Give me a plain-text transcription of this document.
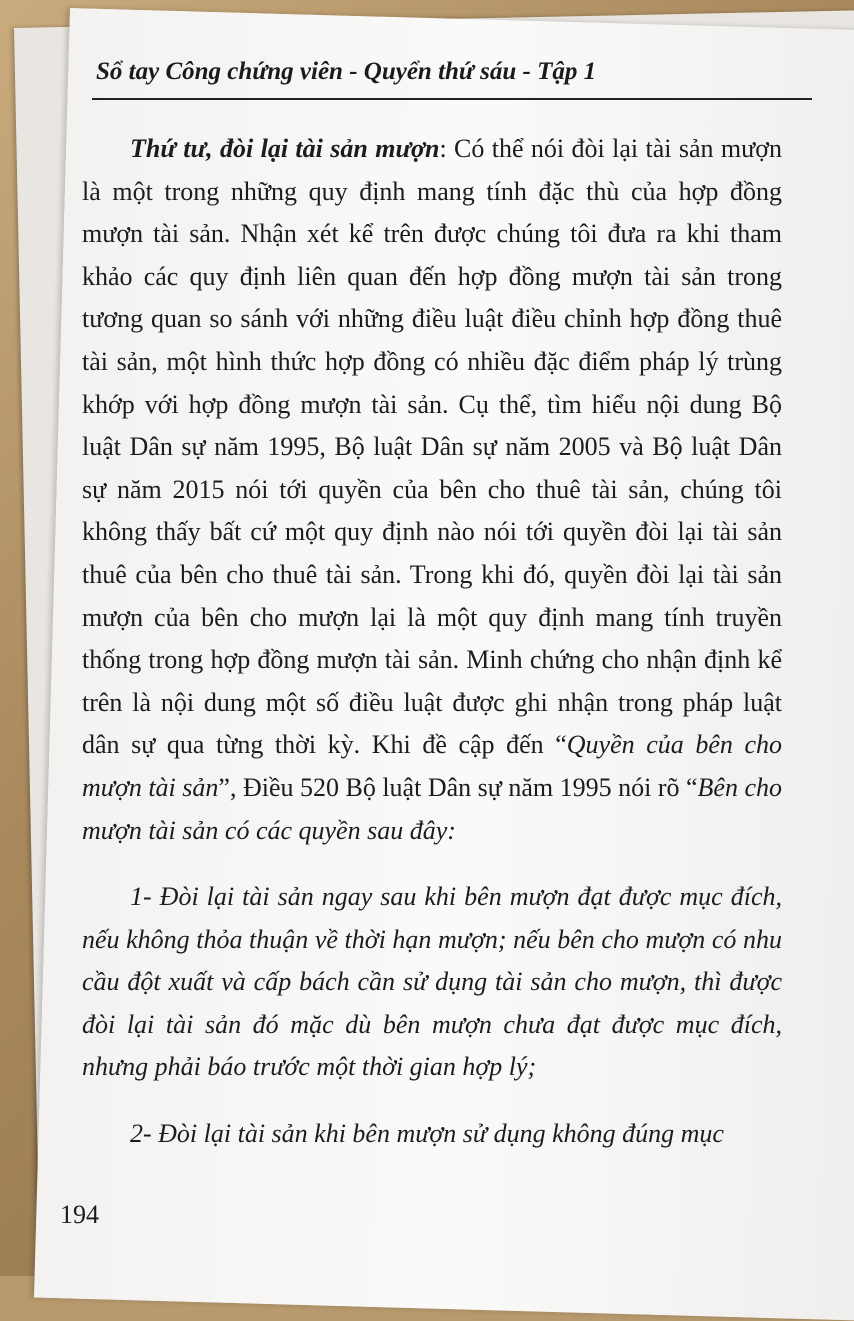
Sổ tay Công chứng viên - Quyển thứ sáu - Tập 1

Thứ tư, đòi lại tài sản mượn: Có thể nói đòi lại tài sản mượn là một trong những quy định mang tính đặc thù của hợp đồng mượn tài sản. Nhận xét kể trên được chúng tôi đưa ra khi tham khảo các quy định liên quan đến hợp đồng mượn tài sản trong tương quan so sánh với những điều luật điều chỉnh hợp đồng thuê tài sản, một hình thức hợp đồng có nhiều đặc điểm pháp lý trùng khớp với hợp đồng mượn tài sản. Cụ thể, tìm hiểu nội dung Bộ luật Dân sự năm 1995, Bộ luật Dân sự năm 2005 và Bộ luật Dân sự năm 2015 nói tới quyền của bên cho thuê tài sản, chúng tôi không thấy bất cứ một quy định nào nói tới quyền đòi lại tài sản thuê của bên cho thuê tài sản. Trong khi đó, quyền đòi lại tài sản mượn của bên cho mượn lại là một quy định mang tính truyền thống trong hợp đồng mượn tài sản. Minh chứng cho nhận định kể trên là nội dung một số điều luật được ghi nhận trong pháp luật dân sự qua từng thời kỳ. Khi đề cập đến “Quyền của bên cho mượn tài sản”, Điều 520 Bộ luật Dân sự năm 1995 nói rõ “Bên cho mượn tài sản có các quyền sau đây:

1- Đòi lại tài sản ngay sau khi bên mượn đạt được mục đích, nếu không thỏa thuận về thời hạn mượn; nếu bên cho mượn có nhu cầu đột xuất và cấp bách cần sử dụng tài sản cho mượn, thì được đòi lại tài sản đó mặc dù bên mượn chưa đạt được mục đích, nhưng phải báo trước một thời gian hợp lý;

2- Đòi lại tài sản khi bên mượn sử dụng không đúng mục

194
